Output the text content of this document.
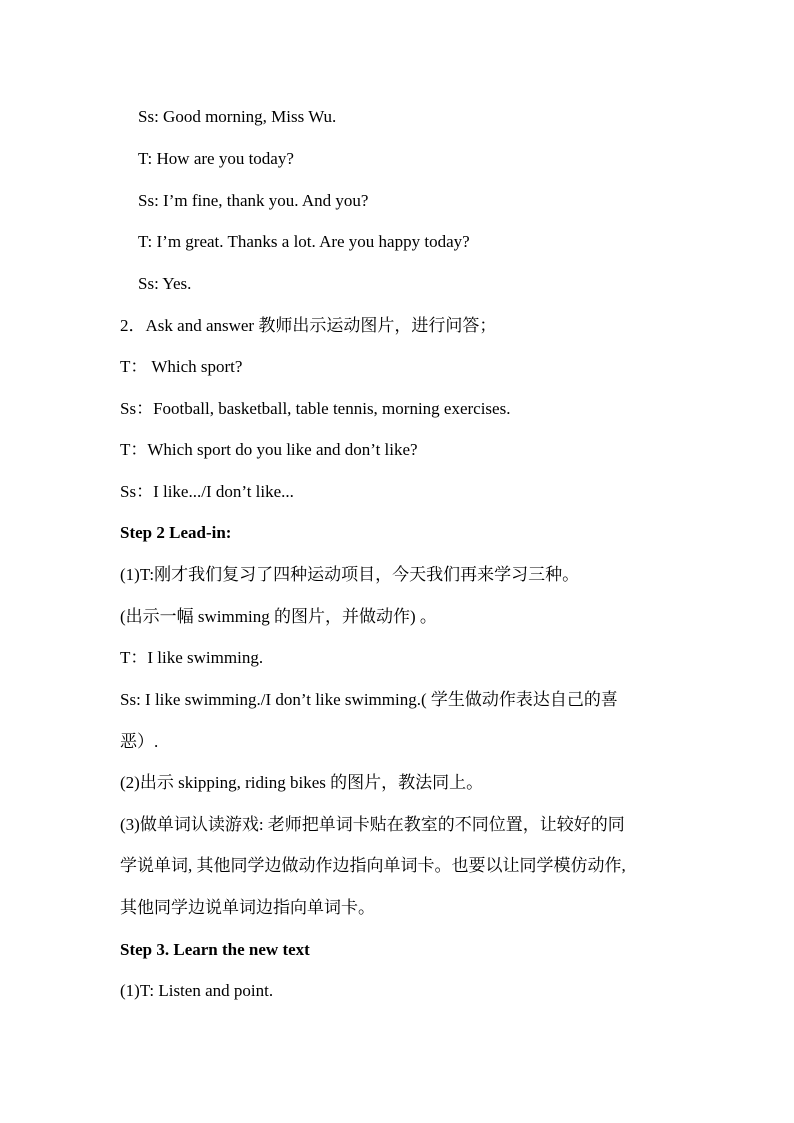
Ss: Good morning, Miss Wu.
T: How are you today?
Ss: I’m fine, thank you. And you?
T: I’m great. Thanks a lot. Are you happy today?
Ss: Yes.
2．Ask and answer 教师出示运动图片，进行问答；
T： Which sport?
Ss：Football, basketball, table tennis, morning exercises.
T：Which sport do you like and don’t like?
Ss：I like.../I don’t like...
Step 2 Lead-in:
(1)T:刚才我们复习了四种运动项目，今天我们再来学习三种。
(出示一幅 swimming 的图片，并做动作) 。
T：I like swimming.
Ss: I like swimming./I don’t like swimming.( 学生做动作表达自己的喜
恶）.
(2)出示 skipping, riding bikes 的图片，教法同上。
(3)做单词认读游戏: 老师把单词卡贴在教室的不同位置，让较好的同
学说单词, 其他同学边做动作边指向单词卡。也要以让同学模仿动作,
其他同学边说单词边指向单词卡。
Step 3. Learn the new text
(1)T: Listen and point.
